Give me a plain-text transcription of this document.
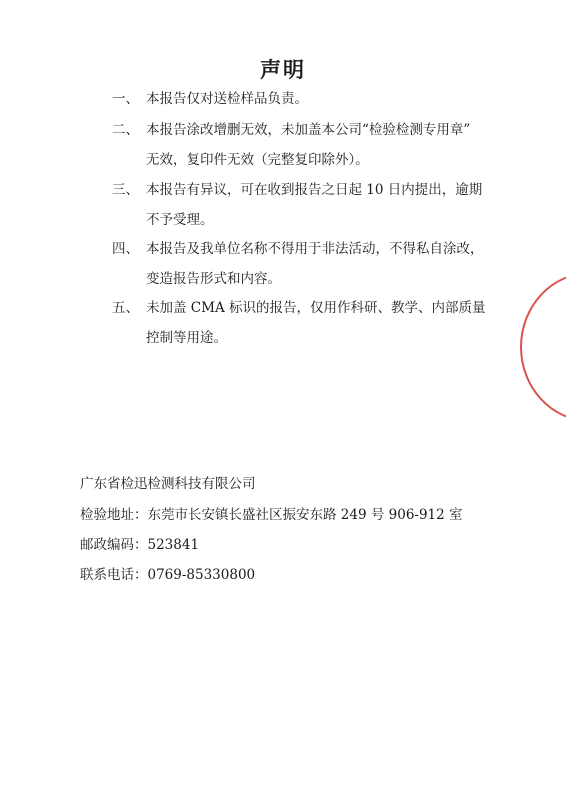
声明
一、 本报告仅对送检样品负责。
二、 本报告涂改增删无效，未加盖本公司“检验检测专用章”
无效，复印件无效（完整复印除外）。
三、 本报告有异议，可在收到报告之日起 10 日内提出，逾期
不予受理。
四、 本报告及我单位名称不得用于非法活动，不得私自涂改，
变造报告形式和内容。
五、 未加盖 CMA 标识的报告，仅用作科研、教学、内部质量
控制等用途。
广东省检迅检测科技有限公司
检验地址：东莞市长安镇长盛社区振安东路 249 号 906-912 室
邮政编码：523841
联系电话：0769-85330800
